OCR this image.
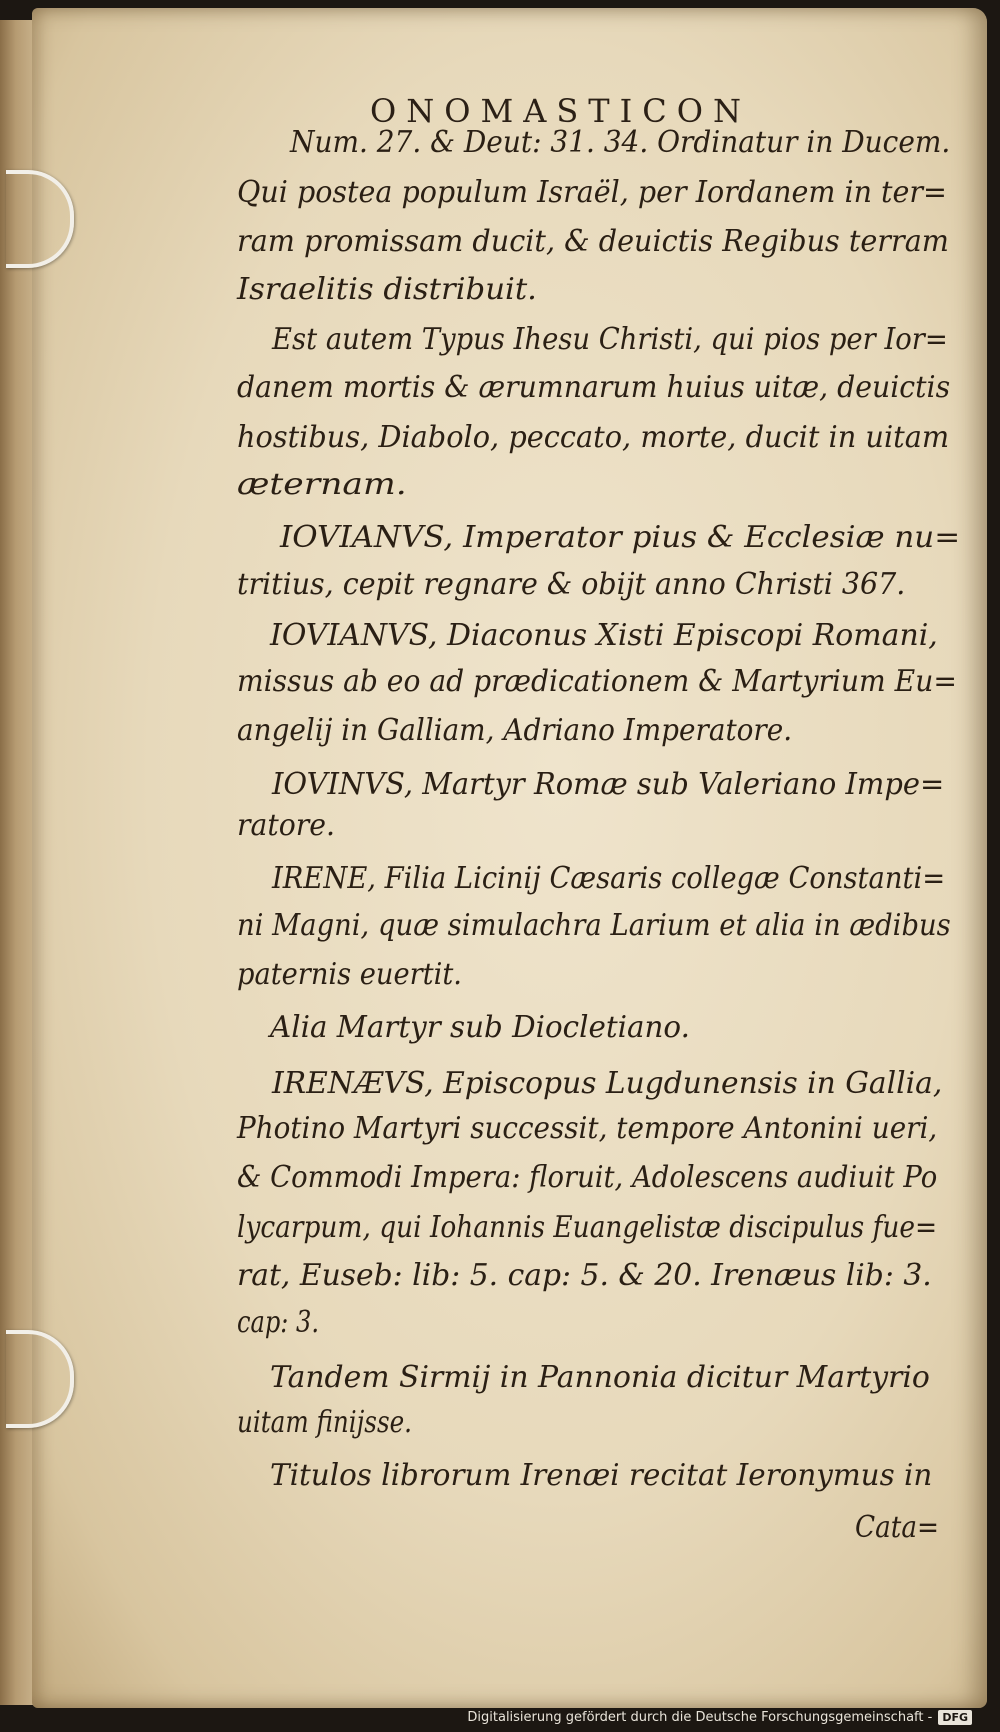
ONOMASTICON
Num. 27. & Deut: 31. 34. Ordinatur in Ducem.
Qui postea populum Israël, per Iordanem in ter=
ram promissam ducit, & deuictis Regibus terram
Israelitis distribuit.
Est autem Typus Ihesu Christi, qui pios per Ior=
danem mortis & ærumnarum huius uitæ, deuictis
hostibus, Diabolo, peccato, morte, ducit in uitam
æternam.
IOVIANVS, Imperator pius & Ecclesiæ nu=
tritius, cepit regnare & obijt anno Christi 367.
IOVIANVS, Diaconus Xisti Episcopi Romani,
missus ab eo ad prædicationem & Martyrium Eu=
angelij in Galliam, Adriano Imperatore.
IOVINVS, Martyr Romæ sub Valeriano Impe=
ratore.
IRENE, Filia Licinij Cæsaris collegæ Constanti=
ni Magni, quæ simulachra Larium et alia in ædibus
paternis euertit.
Alia Martyr sub Diocletiano.
IRENÆVS, Episcopus Lugdunensis in Gallia,
Photino Martyri successit, tempore Antonini ueri,
& Commodi Impera: floruit, Adolescens audiuit Po
lycarpum, qui Iohannis Euangelistæ discipulus fue=
rat, Euseb: lib: 5. cap: 5. & 20. Irenæus lib: 3.
cap: 3.
Tandem Sirmij in Pannonia dicitur Martyrio
uitam finijsse.
Titulos librorum Irenæi recitat Ieronymus in
Cata=
Digitalisierung gefördert durch die Deutsche Forschungsgemeinschaft - DFG
